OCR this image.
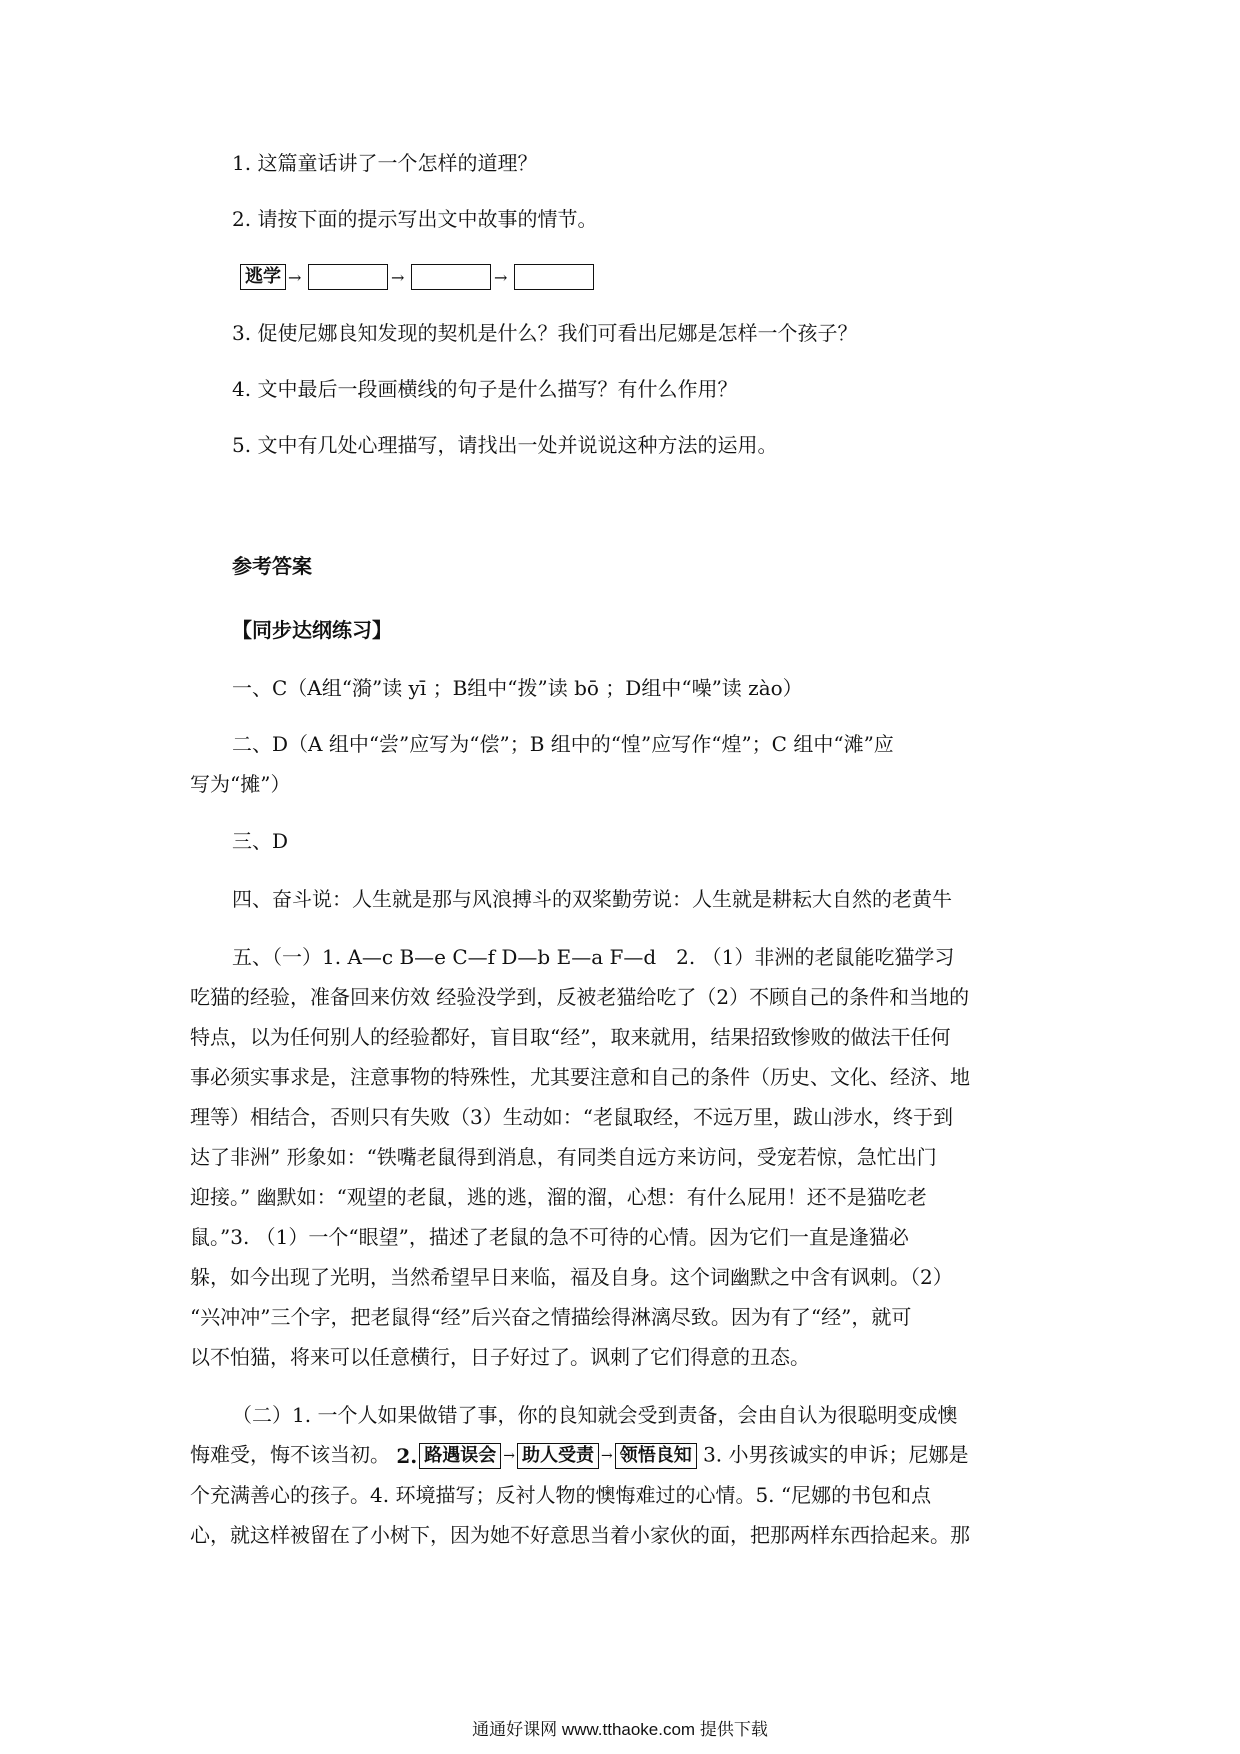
1. 这篇童话讲了一个怎样的道理？
2. 请按下面的提示写出文中故事的情节。
逃学 →	→	→
3. 促使尼娜良知发现的契机是什么？我们可看出尼娜是怎样一个孩子？
4. 文中最后一段画横线的句子是什么描写？有什么作用？
5. 文中有几处心理描写，请找出一处并说说这种方法的运用。
参考答案
【同步达纲练习】
一、C（A组“漪”读 yī ；B组中“拨”读 bō ；D组中“噪”读 zào）
二、D（A 组中“尝”应写为“偿”；B 组中的“惶”应写作“煌”；C 组中“滩”应
写为“摊”）
三、D
四、奋斗说：人生就是那与风浪搏斗的双桨勤劳说：人生就是耕耘大自然的老黄牛
五、（一）1. A—c B—e C—f D—b E—a F—d　2. （1）非洲的老鼠能吃猫学习
吃猫的经验，准备回来仿效 经验没学到，反被老猫给吃了（2）不顾自己的条件和当地的
特点，以为任何别人的经验都好，盲目取“经”，取来就用，结果招致惨败的做法干任何
事必须实事求是，注意事物的特殊性，尤其要注意和自己的条件（历史、文化、经济、地
理等）相结合，否则只有失败（3）生动如：“老鼠取经，不远万里，跋山涉水，终于到
达了非洲” 形象如：“铁嘴老鼠得到消息，有同类自远方来访问，受宠若惊，急忙出门
迎接。” 幽默如：“观望的老鼠，逃的逃，溜的溜，心想：有什么屁用！还不是猫吃老
鼠。”3. （1）一个“眼望”，描述了老鼠的急不可待的心情。因为它们一直是逢猫必
躲，如今出现了光明，当然希望早日来临，福及自身。这个词幽默之中含有讽刺。（2）
“兴冲冲”三个字，把老鼠得“经”后兴奋之情描绘得淋漓尽致。因为有了“经”，就可
以不怕猫，将来可以任意横行，日子好过了。讽刺了它们得意的丑态。
（二）1. 一个人如果做错了事，你的良知就会受到责备，会由自认为很聪明变成懊
悔难受，悔不该当初。 2. 路遇误会 → 助人受责 → 领悟良知 3. 小男孩诚实的申诉；尼娜是
个充满善心的孩子。4. 环境描写；反衬人物的懊悔难过的心情。5. “尼娜的书包和点
心，就这样被留在了小树下，因为她不好意思当着小家伙的面，把那两样东西拾起来。那
通通好课网 www.tthaoke.com 提供下载
